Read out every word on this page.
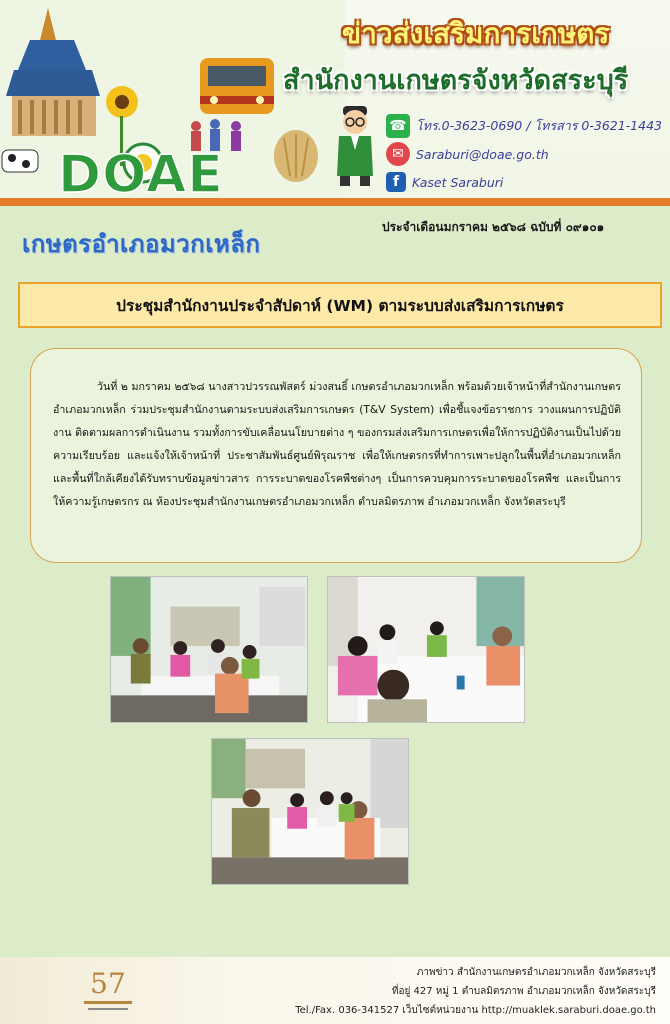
DOAE
ข่าวส่งเสริมการเกษตร
สำนักงานเกษตรจังหวัดสระบุรี
☎ โทร.0-3623-0690 / โทรสาร 0-3621-1443
✉ Saraburi@doae.go.th
f	Kaset Saraburi
เกษตรอำเภอมวกเหล็ก
ประจำเดือนมกราคม ๒๕๖๘ ฉบับที่ ๐๙๑๐๑
ประชุมสำนักงานประจำสัปดาห์ (WM) ตามระบบส่งเสริมการเกษตร

วันที่ ๒ มกราคม ๒๕๖๘ นางสาวปวรรณพัสตร์ ม่วงสนธิ์ เกษตรอำเภอมวกเหล็ก พร้อมด้วยเจ้าหน้าที่สำนักงานเกษตรอำเภอมวกเหล็ก ร่วมประชุมสำนักงานตามระบบส่งเสริมการเกษตร (T&V System) เพื่อชี้แจงข้อราชการ วางแผนการปฏิบัติงาน ติดตามผลการดำเนินงาน รวมทั้งการขับเคลื่อนนโยบายต่าง ๆ ของกรมส่งเสริมการเกษตรเพื่อให้การปฏิบัติงานเป็นไปด้วยความเรียบร้อย และแจ้งให้เจ้าหน้าที่ ประชาสัมพันธ์ศูนย์พิรุณราช เพื่อให้เกษตรกรที่ทำการเพาะปลูกในพื้นที่อำเภอมวกเหล็กและพื้นที่ใกล้เคียงได้รับทราบข้อมูลข่าวสาร การระบาดของโรคพืชต่างๆ เป็นการควบคุมการระบาดของโรคพืช และเป็นการให้ความรู้เกษตรกร ณ ห้องประชุมสำนักงานเกษตรอำเภอมวกเหล็ก ตำบลมิตรภาพ อำเภอมวกเหล็ก จังหวัดสระบุรี

57	ภาพข่าว สำนักงานเกษตรอำเภอมวกเหล็ก จังหวัดสระบุรี
ที่อยู่ 427 หมู่ 1 ตำบลมิตรภาพ อำเภอมวกเหล็ก จังหวัดสระบุรี
Tel./Fax. 036-341527 เว็บไซต์หน่วยงาน http://muaklek.saraburi.doae.go.th
